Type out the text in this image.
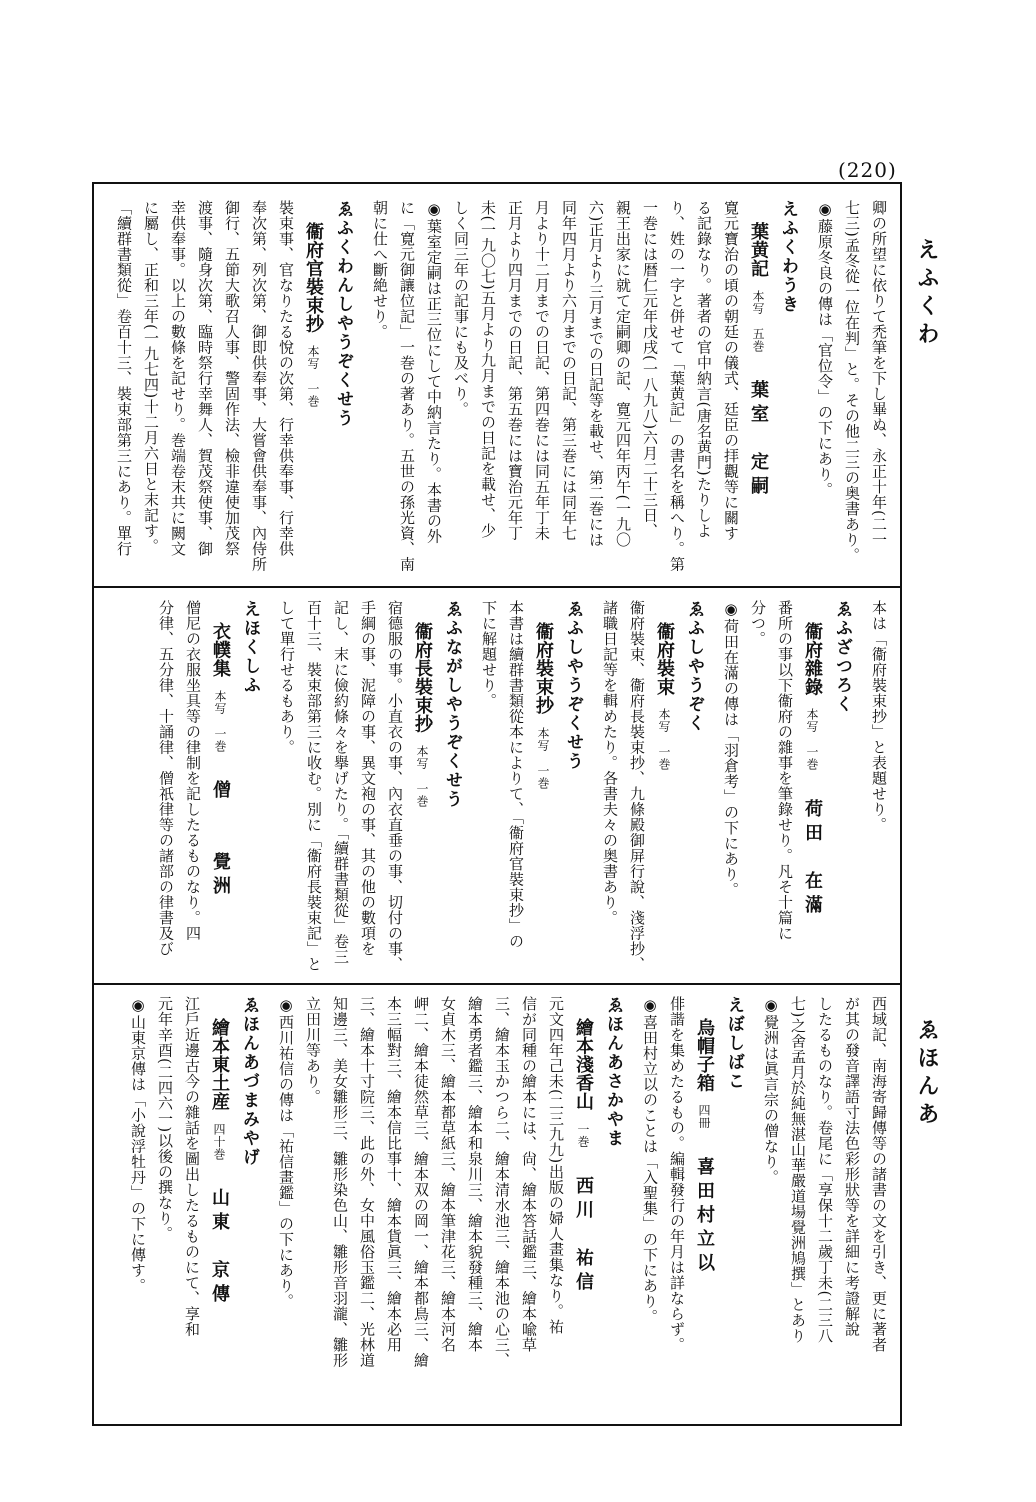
(220)
えふくわ
ゑほんあ
卿の所望に依りて禿筆を下し畢ぬ、永正十年(二一
七三)孟冬從一位在判」と。その他二三の奥書あり。
◉藤原冬良の傳は「官位令」の下にあり。
えふくわうき
葉黄記本写　五巻葉室　定嗣
寛元寶治の頃の朝廷の儀式、廷臣の拝觀等に關す
る記錄なり。著者の官中納言(唐名黄門)たりしよ
り、姓の一字と併せて「葉黄記」の書名を稱へり。第
一巻には暦仁元年戊戌(一八九八)六月二十三日、
親王出家に就て定嗣卿の記、寛元四年丙午(一九〇
六)正月より三月までの日記等を載せ、第二巻には
同年四月より六月までの日記、第三巻には同年七
月より十二月までの日記、第四巻には同五年丁未
正月より四月までの日記、第五巻には寶治元年丁
未(一九〇七)五月より九月までの日記を載せ、少
しく同三年の記事にも及べり。
◉葉室定嗣は正三位にして中納言たり。本書の外
に「寛元御讓位記」一巻の著あり。五世の孫光資、南
朝に仕へ斷絶せり。
ゑふくわんしやうぞくせう
衞府官裝束抄本写　一巻
裝束事、官なりたる悅の次第、行幸供奉事、行幸供
奉次第、列次第、御即供奉事、大嘗會供奉事、內侍所
御行、五節大歌召人事、警固作法、檢非違使加茂祭
渡事、隨身次第、臨時祭行幸舞人、賀茂祭使事、御
幸供奉事。以上の數條を記せり。巻端卷末共に闕文
に屬し、正和三年(一九七四)十二月六日と末記す。
「續群書類從」卷百十三、裝束部第三にあり。單行
本は「衞府裝束抄」と表題せり。
ゑふざつろく
衞府雜錄本写　一巻荷田　在滿
番所の事以下衞府の雜事を筆錄せり。凡そ十篇に
分つ。
◉荷田在滿の傳は「羽倉考」の下にあり。
ゑふしやうぞく
衞府裝束本写　一巻
衞府裝束、衞府長裝束抄、九條殿御屏行說、淺浮抄、
諸職日記等を輯めたり。各書夫々の奥書あり。
ゑふしやうぞくせう
衞府裝束抄本写　一巻
本書は續群書類從本によりて、「衞府官裝束抄」の
下に解題せり。
ゑふながしやうぞくせう
衞府長裝束抄本写　一巻
宿德服の事。小直衣の事、內衣直垂の事、切付の事、
手綱の事、泥障の事、異文袍の事、其の他の數項を
記し、末に儉約條々を擧げたり。「續群書類從」卷三
百十三、裝束部第三に收む。別に「衞府長裝束記」と
して單行せるもあり。
えほくしふ
衣幞集本写　一巻僧　　覺洲
僧尼の衣服坐具等の律制を記したるものなり。四
分律、五分律、十誦律、僧祇律等の諸部の律書及び
西域記、南海寄歸傳等の諸書の文を引き、更に著者
が其の發音譯語寸法色彩形狀等を詳細に考證解說
したるものなり。卷尾に「享保十二歲丁未(二三八
七)之舍孟月於純無湛山華嚴道場覺洲鳩撰」とあり
◉覺洲は眞言宗の僧なり。
えぼしばこ
烏帽子箱四冊喜田村立以
俳諧を集めたるもの。編輯發行の年月は詳ならず。
◉喜田村立以のことは「入聖集」の下にあり。
ゑほんあさかやま
繪本淺香山一巻西川　祐信
元文四年己未(二三九九)出版の婦人畫集なり。祐
信が同種の繪本には、尙、繪本答話鑑三、繪本喩草
三、繪本玉かつら二、繪本清水池三、繪本池の心三、
繪本勇者鑑三、繪本和泉川三、繪本貌發種三、繪本
女貞木三、繪本都草紙三、繪本筆津花三、繪本河名
岬二、繪本徒然草三、繪本双の岡一、繪本都鳥三、繪
本三幅對三、繪本信比事十、繪本貨眞三、繪本必用
三、繪本十寸院三、此の外、女中風俗玉鑑二、光林道
知邊三、美女雛形三、雛形染色山、雛形音羽瀧、雛形
立田川等あり。
◉西川祐信の傳は「祐信畫鑑」の下にあり。
ゑほんあづまみやげ
繪本東土産四十巻山東　京傳
江戶近邊古今の雜話を圖出したるものにて、享和
元年辛酉(二四六一)以後の撰なり。
◉山東京傳は「小說浮牡丹」の下に傳す。
